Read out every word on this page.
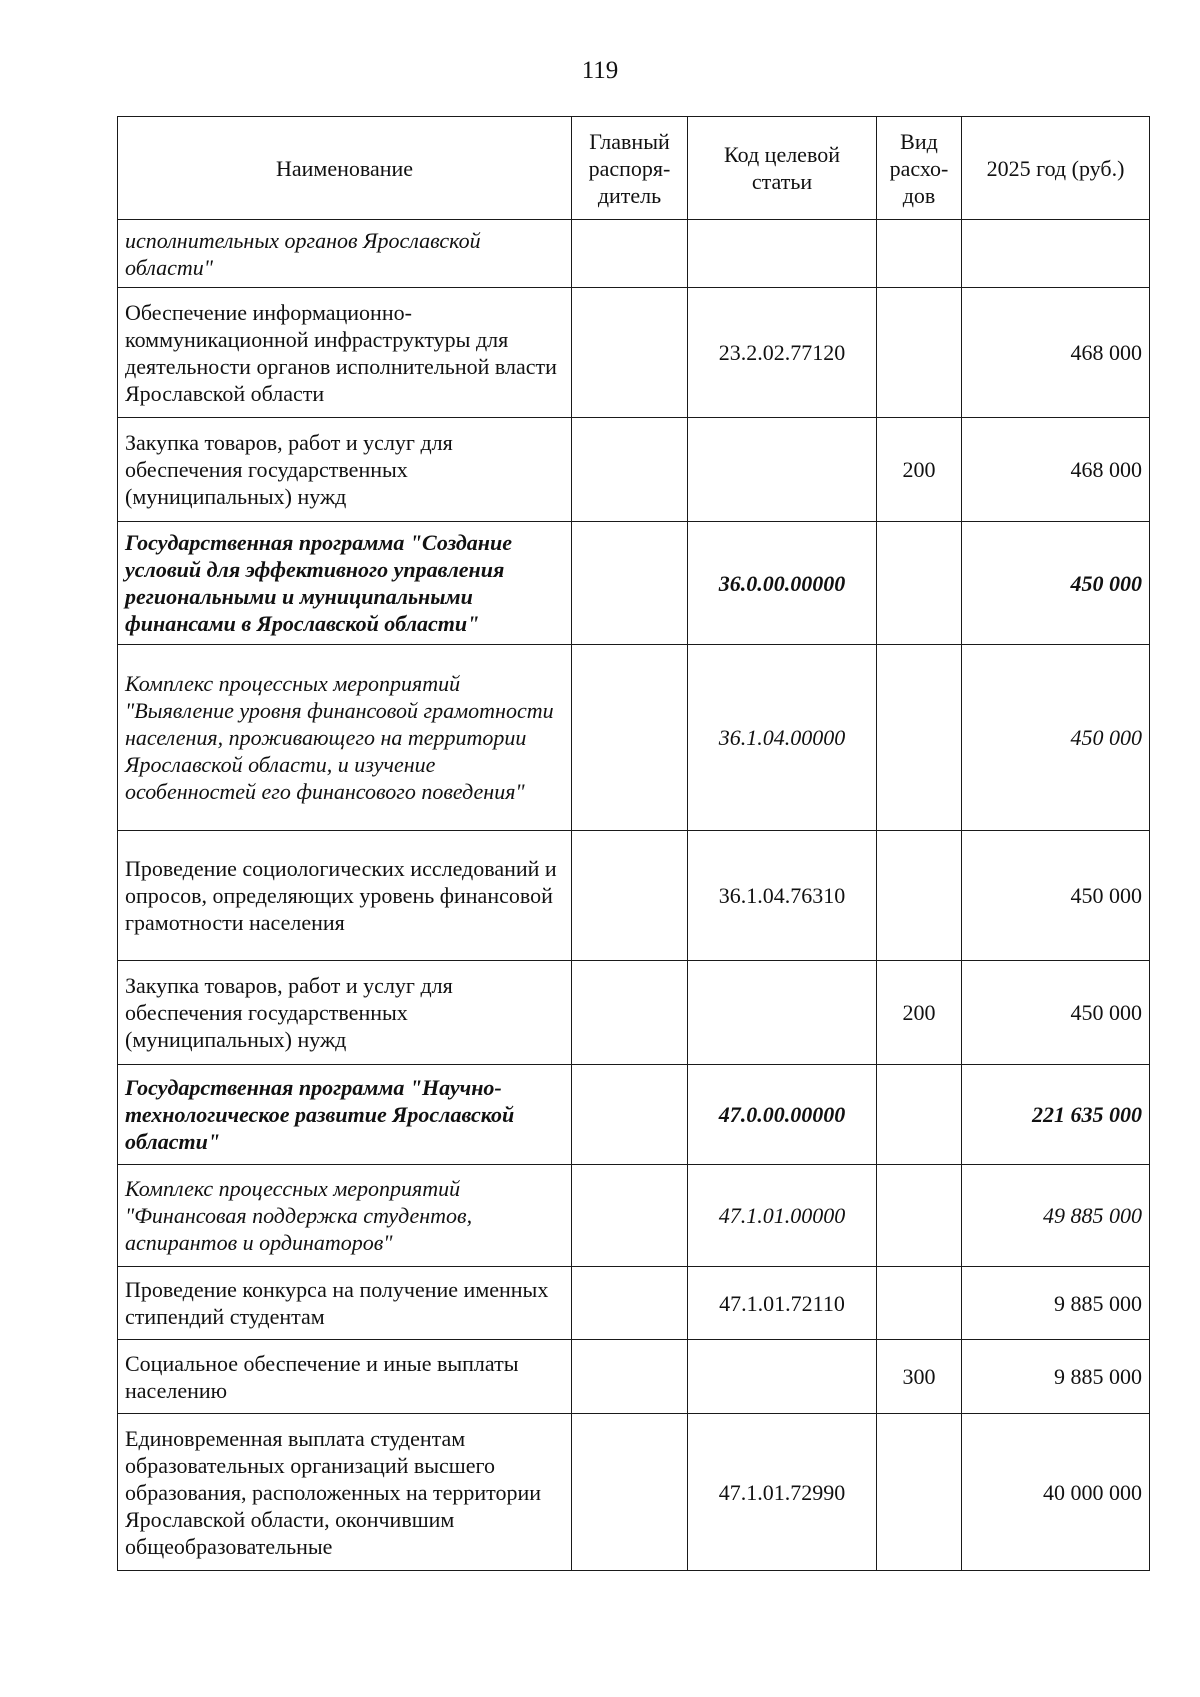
119
Наименование	Главный распоря-дитель	Код целевой статьи	Вид расхо-дов	2025 год (руб.)
исполнительных органов Ярославской области"				
Обеспечение информационно-коммуникационной инфраструктуры для деятельности органов исполнительной власти Ярославской области		23.2.02.77120		468 000
Закупка товаров, работ и услуг для обеспечения государственных (муниципальных) нужд			200	468 000
Государственная программа "Создание условий для эффективного управления региональными и муниципальными финансами в Ярославской области"		36.0.00.00000		450 000
Комплекс процессных мероприятий "Выявление уровня финансовой грамотности населения, проживающего на территории Ярославской области, и изучение особенностей его финансового поведения"		36.1.04.00000		450 000
Проведение социологических исследований и опросов, определяющих уровень финансовой грамотности населения		36.1.04.76310		450 000
Закупка товаров, работ и услуг для обеспечения государственных (муниципальных) нужд			200	450 000
Государственная программа "Научно-технологическое развитие Ярославской области"		47.0.00.00000		221 635 000
Комплекс процессных мероприятий "Финансовая поддержка студентов, аспирантов и ординаторов"		47.1.01.00000		49 885 000
Проведение конкурса на получение именных стипендий студентам		47.1.01.72110		9 885 000
Социальное обеспечение и иные выплаты населению			300	9 885 000
Единовременная выплата студентам образовательных организаций высшего образования, расположенных на территории Ярославской области, окончившим общеобразовательные		47.1.01.72990		40 000 000
